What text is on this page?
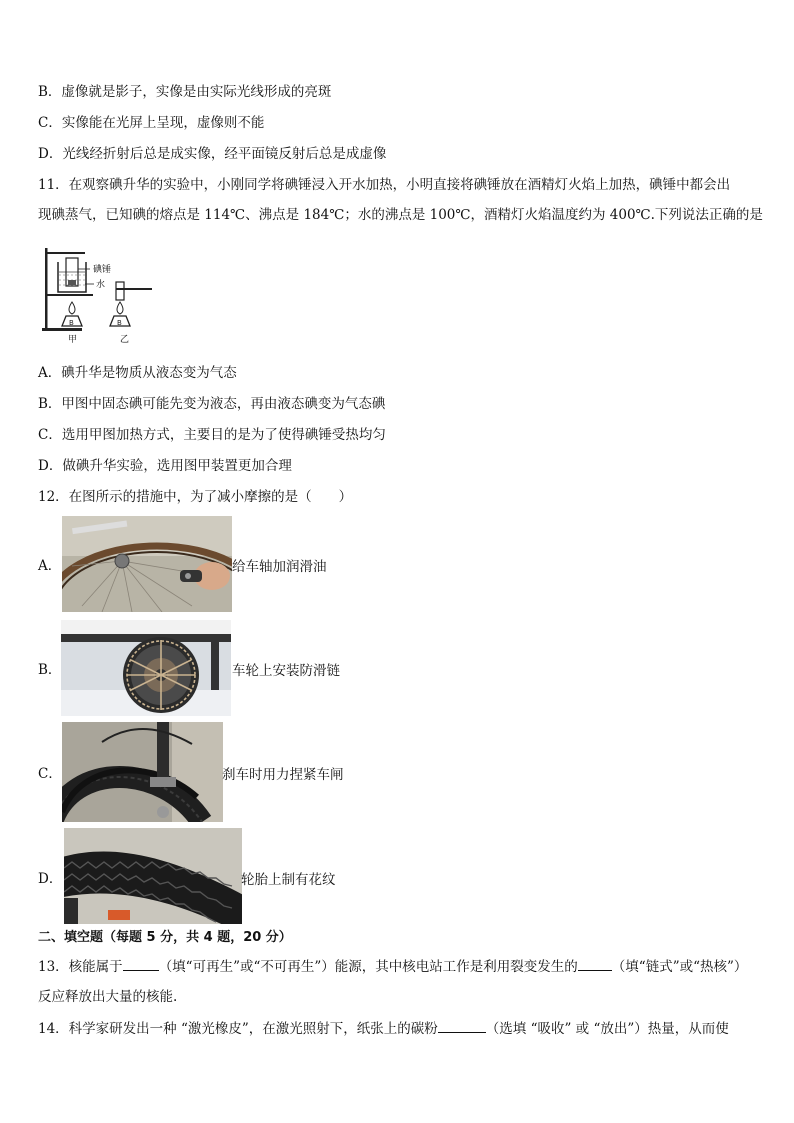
B．虚像就是影子，实像是由实际光线形成的亮斑
C．实像能在光屏上呈现，虚像则不能
D．光线经折射后总是成实像，经平面镜反射后总是成虚像
11．在观察碘升华的实验中，小刚同学将碘锤浸入开水加热，小明直接将碘锤放在酒精灯火焰上加热，碘锤中都会出
现碘蒸气，已知碘的熔点是 114℃、沸点是 184℃；水的沸点是 100℃，酒精灯火焰温度约为 400℃.下列说法正确的是
B	B
碘锤
水
甲	乙
A．碘升华是物质从液态变为气态
B．甲图中固态碘可能先变为液态，再由液态碘变为气态碘
C．选用甲图加热方式，主要目的是为了使得碘锤受热均匀
D．做碘升华实验，选用图甲装置更加合理
12．在图所示的措施中，为了减小摩擦的是（　　）
A．	给车轴加润滑油
B．	车轮上安装防滑链
C．	刹车时用力捏紧车闸
D．	轮胎上制有花纹
二、填空题（每题 5 分，共 4 题，20 分）
13．核能属于	（填“可再生”或“不可再生”）能源，其中核电站工作是利用裂变发生的	（填“链式”或“热核”）
反应释放出大量的核能.
14．科学家研发出一种 “激光橡皮”，在激光照射下，纸张上的碳粉	（选填 “吸收” 或 “放出”）热量，从而使
